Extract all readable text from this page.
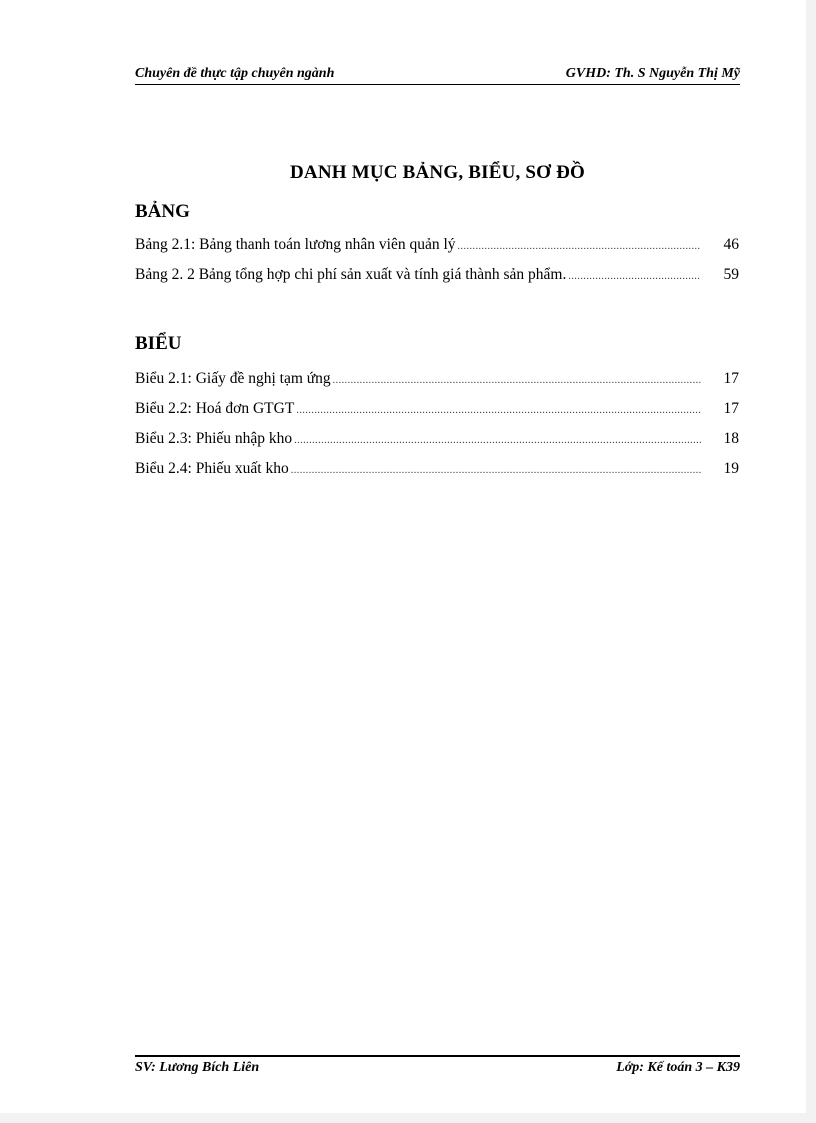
Chuyên đề thực tập chuyên ngành	GVHD: Th. S Nguyễn Thị Mỹ
DANH MỤC BẢNG, BIỂU, SƠ ĐỒ
BẢNG
Bảng 2.1: Bảng thanh toán lương nhân viên quản lý .....	46
Bảng 2. 2 Bảng tổng hợp chi phí sản xuất và tính giá thành sản phẩm. .....	59
BIỂU
Biểu 2.1: Giấy đề nghị tạm ứng .....	17
Biểu 2.2: Hoá đơn GTGT .....	17
Biểu 2.3: Phiếu nhập kho .....	18
Biểu 2.4: Phiếu xuất kho .....	19
SV: Lương Bích Liên	Lớp: Kế toán 3 – K39
